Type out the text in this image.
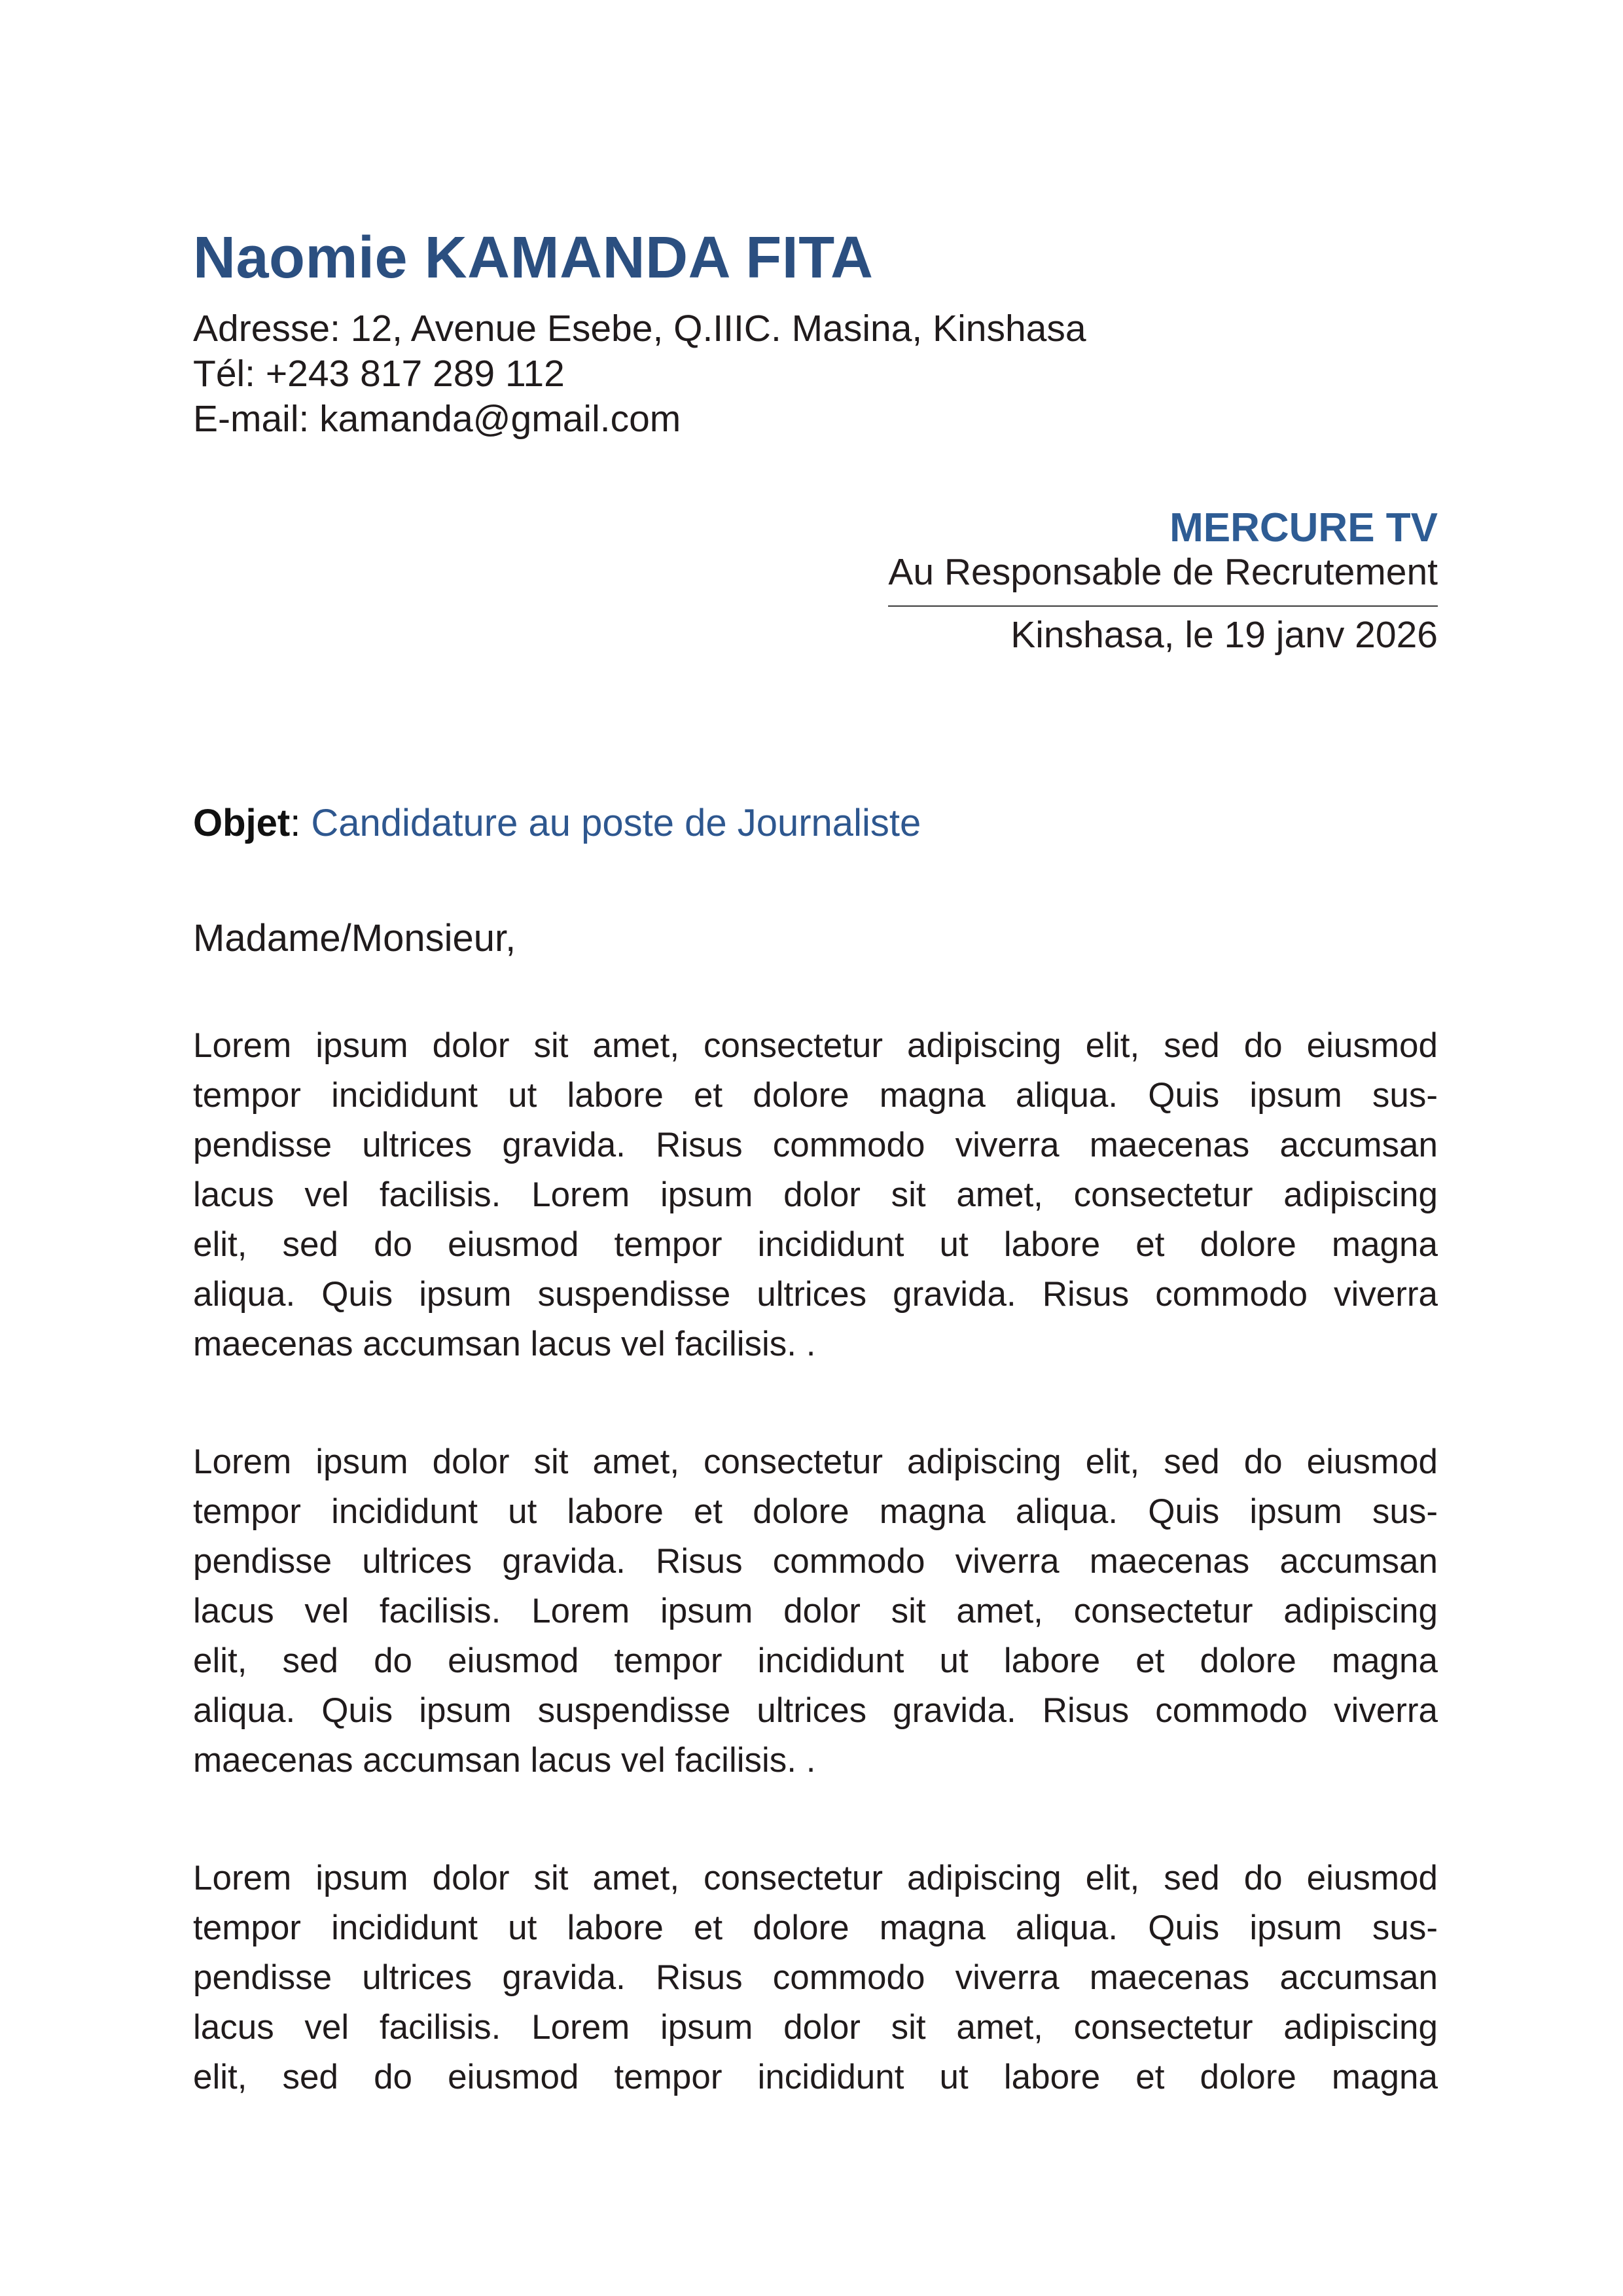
Naomie KAMANDA FITA
Adresse: 12, Avenue Esebe, Q.IIIC. Masina, Kinshasa
Tél: +243 817 289 112
E-mail: kamanda@gmail.com
MERCURE TV
Au Responsable de Recrutement
Kinshasa, le 19 janv 2026
Objet: Candidature au poste de Journaliste
Madame/Monsieur,
Lorem ipsum dolor sit amet, consectetur adipiscing elit, sed do eiusmod
tempor incididunt ut labore et dolore magna aliqua. Quis ipsum sus-
pendisse ultrices gravida. Risus commodo viverra maecenas accumsan
lacus vel facilisis. Lorem ipsum dolor sit amet, consectetur adipiscing
elit, sed do eiusmod tempor incididunt ut labore et dolore magna
aliqua. Quis ipsum suspendisse ultrices gravida. Risus commodo viverra
maecenas accumsan lacus vel facilisis. .
Lorem ipsum dolor sit amet, consectetur adipiscing elit, sed do eiusmod
tempor incididunt ut labore et dolore magna aliqua. Quis ipsum sus-
pendisse ultrices gravida. Risus commodo viverra maecenas accumsan
lacus vel facilisis. Lorem ipsum dolor sit amet, consectetur adipiscing
elit, sed do eiusmod tempor incididunt ut labore et dolore magna
aliqua. Quis ipsum suspendisse ultrices gravida. Risus commodo viverra
maecenas accumsan lacus vel facilisis. .
Lorem ipsum dolor sit amet, consectetur adipiscing elit, sed do eiusmod
tempor incididunt ut labore et dolore magna aliqua. Quis ipsum sus-
pendisse ultrices gravida. Risus commodo viverra maecenas accumsan
lacus vel facilisis. Lorem ipsum dolor sit amet, consectetur adipiscing
elit, sed do eiusmod tempor incididunt ut labore et dolore magna
